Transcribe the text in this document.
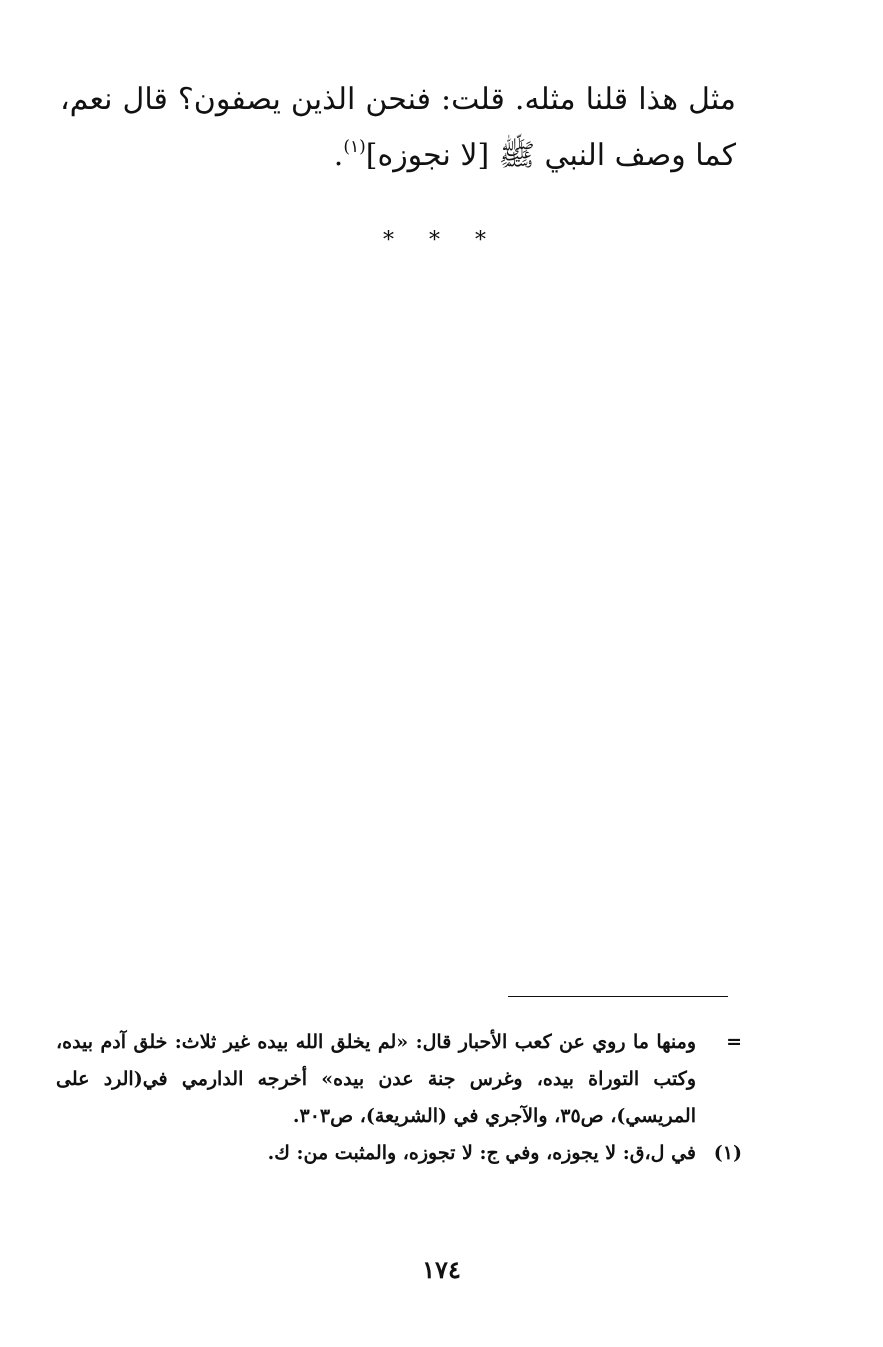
مثل هذا قلنا مثله. قلت: فنحن الذين يصفون؟ قال نعم، كما وصف النبي ﷺ [لا نجوزه]$^{(١)}$.
* * *
=
ومنها ما روي عن كعب الأحبار قال: «لم يخلق الله بيده غير ثلاث: خلق آدم بيده، وكتب التوراة بيده، وغرس جنة عدن بيده» أخرجه الدارمي في(الرد على المريسي)، ص٣٥، والآجري في (الشريعة)، ص٣٠٣.
(١)
في ل،ق: لا يجوزه، وفي ج: لا تجوزه، والمثبت من: ك.
١٧٤
